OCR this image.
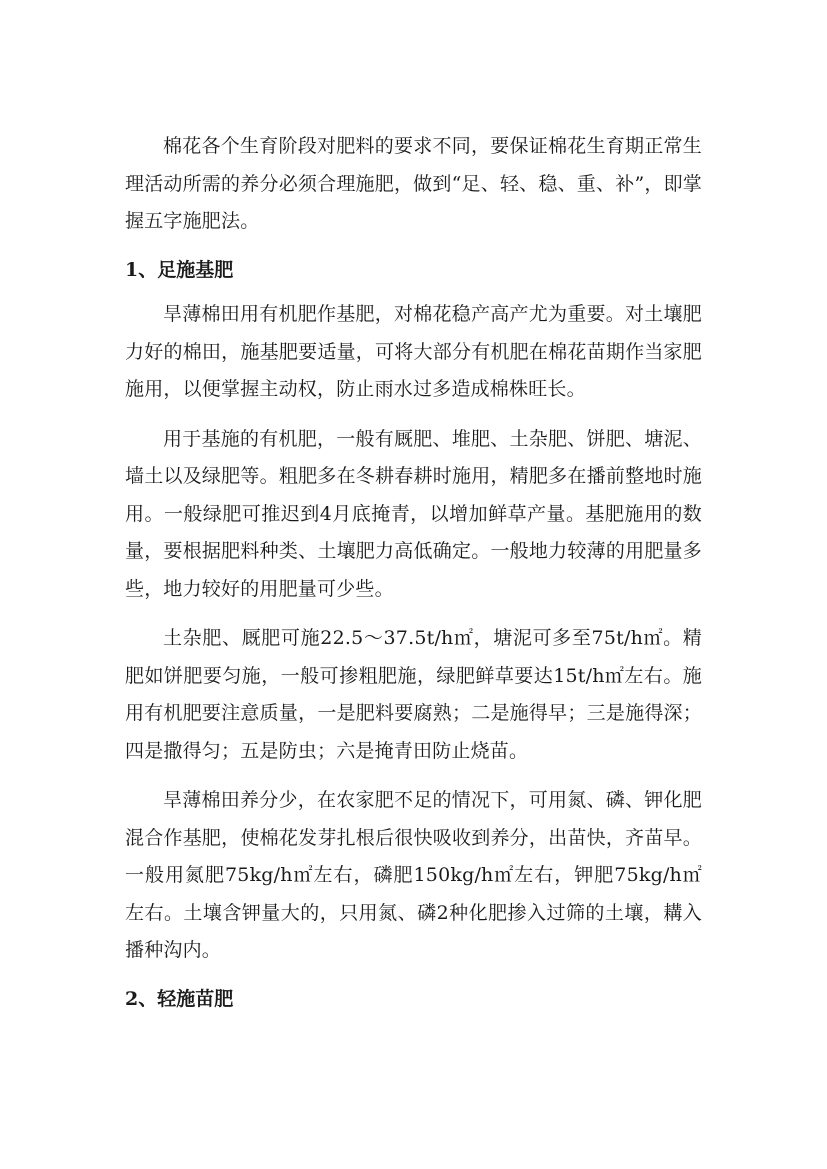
棉花各个生育阶段对肥料的要求不同，要保证棉花生育期正常生理活动所需的养分必须合理施肥，做到“足、轻、稳、重、补”，即掌握五字施肥法。

1、足施基肥

旱薄棉田用有机肥作基肥，对棉花稳产高产尤为重要。对土壤肥力好的棉田，施基肥要适量，可将大部分有机肥在棉花苗期作当家肥施用，以便掌握主动权，防止雨水过多造成棉株旺长。

用于基施的有机肥，一般有厩肥、堆肥、土杂肥、饼肥、塘泥、墙土以及绿肥等。粗肥多在冬耕春耕时施用，精肥多在播前整地时施用。一般绿肥可推迟到4月底掩青，以增加鲜草产量。基肥施用的数量，要根据肥料种类、土壤肥力高低确定。一般地力较薄的用肥量多些，地力较好的用肥量可少些。

土杂肥、厩肥可施22.5～37.5t/h㎡，塘泥可多至75t/h㎡。精肥如饼肥要匀施，一般可掺粗肥施，绿肥鲜草要达15t/h㎡左右。施用有机肥要注意质量，一是肥料要腐熟；二是施得早；三是施得深；四是撒得匀；五是防虫；六是掩青田防止烧苗。

旱薄棉田养分少，在农家肥不足的情况下，可用氮、磷、钾化肥混合作基肥，使棉花发芽扎根后很快吸收到养分，出苗快，齐苗早。一般用氮肥75kg/h㎡左右，磷肥150kg/h㎡左右，钾肥75kg/h㎡左右。土壤含钾量大的，只用氮、磷2种化肥掺入过筛的土壤，耩入播种沟内。

2、轻施苗肥
